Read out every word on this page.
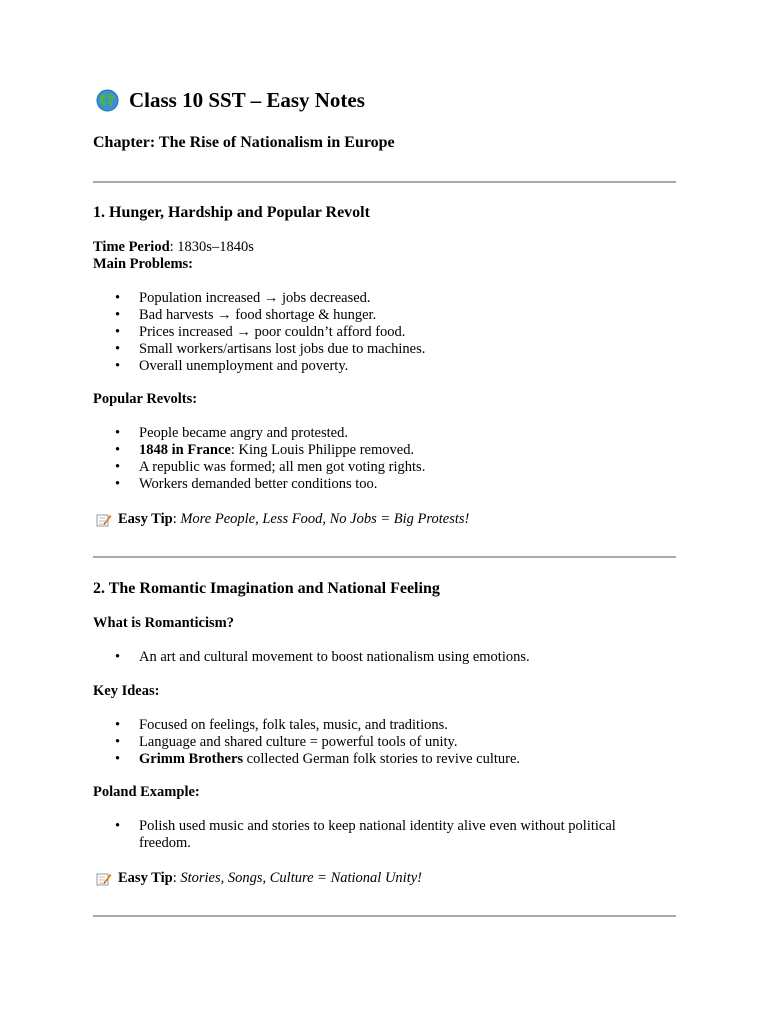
Class 10 SST – Easy Notes
Chapter: The Rise of Nationalism in Europe
1. Hunger, Hardship and Popular Revolt
Time Period: 1830s–1840s
Main Problems:
• Population increased → jobs decreased.
• Bad harvests → food shortage & hunger.
• Prices increased → poor couldn’t afford food.
• Small workers/artisans lost jobs due to machines.
• Overall unemployment and poverty.
Popular Revolts:
• People became angry and protested.
• 1848 in France: King Louis Philippe removed.
• A republic was formed; all men got voting rights.
• Workers demanded better conditions too.
Easy Tip : More People, Less Food, No Jobs = Big Protests!
2. The Romantic Imagination and National Feeling
What is Romanticism?
• An art and cultural movement to boost nationalism using emotions.
Key Ideas:
• Focused on feelings, folk tales, music, and traditions.
• Language and shared culture = powerful tools of unity.
• Grimm Brothers collected German folk stories to revive culture.
Poland Example:
• Polish used music and stories to keep national identity alive even without political freedom.
Easy Tip : Stories, Songs, Culture = National Unity!
